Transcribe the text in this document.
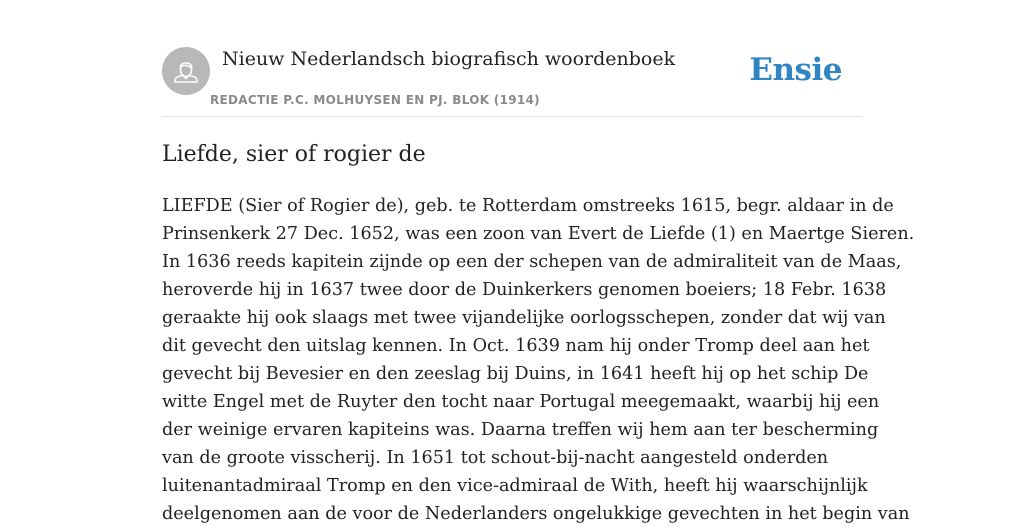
Nieuw Nederlandsch biografisch woordenboek
REDACTIE P.C. MOLHUYSEN EN PJ. BLOK (1914)
Ensie
Liefde, sier of rogier de
LIEFDE (Sier of Rogier de), geb. te Rotterdam omstreeks 1615, begr. aldaar in de
Prinsenkerk 27 Dec. 1652, was een zoon van Evert de Liefde (1) en Maertge Sieren.
In 1636 reeds kapitein zijnde op een der schepen van de admiraliteit van de Maas,
heroverde hij in 1637 twee door de Duinkerkers genomen boeiers; 18 Febr. 1638
geraakte hij ook slaags met twee vijandelijke oorlogsschepen, zonder dat wij van
dit gevecht den uitslag kennen. In Oct. 1639 nam hij onder Tromp deel aan het
gevecht bij Bevesier en den zeeslag bij Duins, in 1641 heeft hij op het schip De
witte Engel met de Ruyter den tocht naar Portugal meegemaakt, waarbij hij een
der weinige ervaren kapiteins was. Daarna treffen wij hem aan ter bescherming
van de groote visscherij. In 1651 tot schout-bij-nacht aangesteld onderden
luitenantadmiraal Tromp en den vice-admiraal de With, heeft hij waarschijnlijk
deelgenomen aan de voor de Nederlanders ongelukkige gevechten in het begin van
